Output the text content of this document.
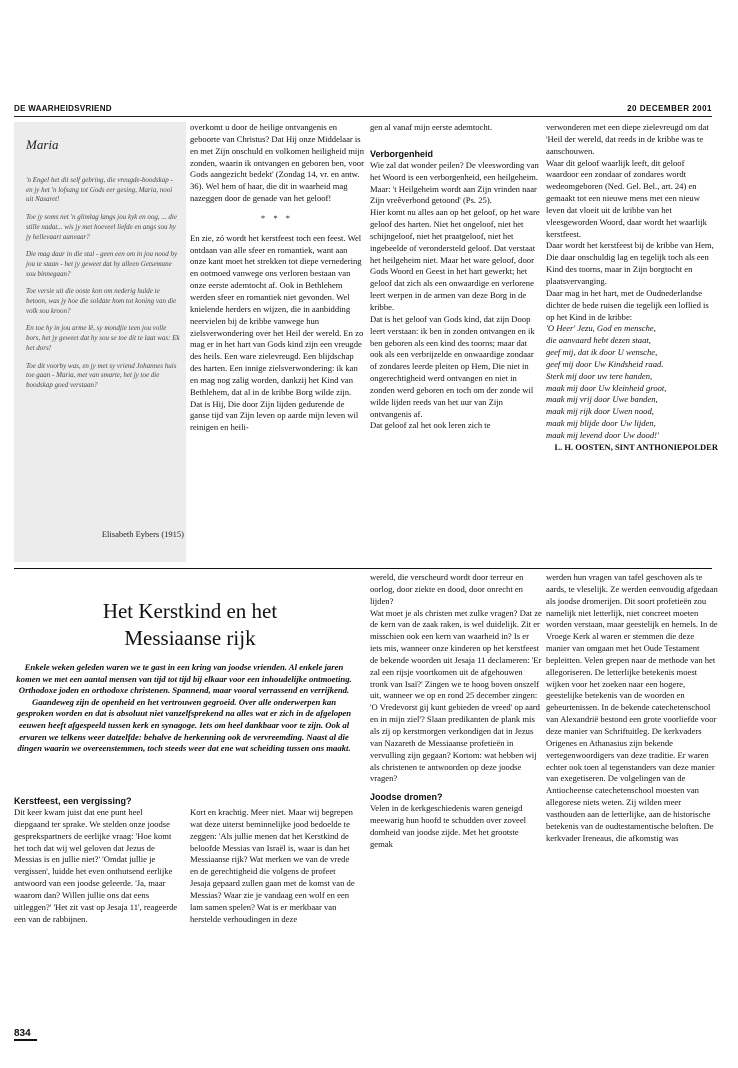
DE WAARHEIDSVRIEND	20 DECEMBER 2001
Maria

'n Engel het dit self gebring, die vreugde-boodskap - en jy het 'n lofsang tot Gods eer gesing, Maria, nooi uit Nasaret!

Toe jy soms net 'n glimlag langs jou kyk en oog, ... die stille nadat... wis jy met hoeveel liefde en angs sou hy jy hellevaart aanvaar?

Die mag daar in die stal - geen een om in jou nood by jou te staan - het jy geweet dat hy alleen Getsemane sou binnegaan?

Toe versie uit die ooste kon om nederig hulde te betoon, was jy hoe die soldate hom tot koning van die volk sou kroon?

En toe hy in jou arme lê, sy mondjie teen jou volle bors, het jy geweet dat hy sou se toe dit te laat was: Ek het dors!

Toe dit voorby was, en jy met sy vriend Johannes huis toe gaan - Maria, met van smarte, het jy toe die boodskap goed verstaan?

Elisabeth Eybers (1915)

overkomt u door de heilige ontvangenis en geboorte van Christus? Dat Hij onze Middelaar is en met Zijn onschuld en volkomen heiligheid mijn zonden, waarin ik ontvangen en geboren ben, voor Gods aangezicht bedekt' (Zondag 14, vr. en antw. 36). Wel hem of haar, die dit in waarheid mag nazeggen door de genade van het geloof!

* * *

En zie, zó wordt het kerstfeest toch een feest. Wel ontdaan van alle sfeer en romantiek, want aan onze kant moet het strekken tot diepe vernedering en ootmoed vanwege ons verloren bestaan van onze eerste ademtocht af. Ook in Bethlehem werden sfeer en romantiek niet gevonden. Wel knielende herders en wijzen, die in aanbidding neervielen bij de kribbe vanwege hun zielsverwondering over het Heil der wereld. En zo mag er in het hart van Gods kind zijn een vreugde des heils. Een ware zielevreugd. Een blijdschap des harten. Een innige zielsverwondering: ik kan en mag nog zalig worden, dankzij het Kind van Bethlehem, dat al in de kribbe Borg wilde zijn. Dat is Hij, Die door Zijn lijden gedurende de ganse tijd van Zijn leven op aarde mijn leven wil reinigen en heili-

gen al vanaf mijn eerste ademtocht.

Verborgenheid

Wie zal dat wonder peilen? De vleeswording van het Woord is een verborgenheid, een heilgeheim.

Maar: 't Heilgeheim wordt aan Zijn vrinden naar Zijn vreêverbond getoond' (Ps. 25).

Hier komt nu alles aan op het geloof, op het ware geloof des harten. Niet het ongeloof, niet het schijngeloof, niet het praatgeloof, niet het ingebeelde of verondersteld geloof. Dat verstaat het heilgeheim niet. Maar het ware geloof, door Gods Woord en Geest in het hart gewerkt; het geloof dat zich als een onwaardige en verlorene leert werpen in de armen van deze Borg in de kribbe.

Dat is het geloof van Gods kind, dat zijn Doop leert verstaan: ik ben in zonden ontvangen en ik ben geboren als een kind des toorns; maar dat ook als een verbrijzelde en onwaardige zondaar of zondares leerde pleiten op Hem, Die niet in ongerechtigheid werd ontvangen en niet in zonden werd geboren en toch om der zonde wil wilde lijden reeds van het uur van Zijn ontvangenis af.

Dat geloof zal het ook leren zich te

verwonderen met een diepe zielevreugd om dat 'Heil der wereld, dat reeds in de kribbe was te aanschouwen.

Waar dit geloof waarlijk leeft, dit geloof waardoor een zondaar of zondares wordt wedeomgeboren (Ned. Gel. Bel., art. 24) en gemaakt tot een nieuwe mens met een nieuw leven dat vloeit uit de kribbe van het vleesgeworden Woord, daar wordt het waarlijk kerstfeest.

Daar wordt het kerstfeest bij de kribbe van Hem, Die daar onschuldig lag en tegelijk toch als een Kind des toorns, maar in Zijn borgtocht en plaatsvervanging.

Daar mag in het hart, met de Oudnederlandse dichter de bede ruisen die tegelijk een loflied is op het Kind in de kribbe:

'O Heer' Jezu, God en mensche,

die aanvaard hebt dezen staat,

geef mij, dat ik door U wensche,

geef mij door Uw Kindsheid raad.

Sterk mij door uw tere handen,

maak mij door Uw kleinheid groot,

maak mij vrij door Uwe banden,

maak mij rijk door Uwen nood,

maak mij blijde door Uw lijden,

maak mij levend door Uw dood!'

L. H. OOSTEN, SINT ANTHONIEPOLDER

Het Kerstkind en het
Messiaanse rijk
Enkele weken geleden waren we te gast in een kring van joodse vrienden. Al enkele jaren komen we met een aantal mensen van tijd tot tijd bij elkaar voor een inhoudelijke ontmoeting. Orthodoxe joden en orthodoxe christenen. Spannend, maar vooral verrassend en verrijkend. Gaandeweg zijn de openheid en het vertrouwen gegroeid. Over alle onderwerpen kan gesproken worden en dat is absoluut niet vanzelfsprekend na alles wat er zich in de afgelopen eeuwen heeft afgespeeld tussen kerk en synagoge. Iets om heel dankbaar voor te zijn. Ook al ervaren we telkens weer datzelfde: behalve de herkenning ook de vervreemding. Naast al die dingen waarin we overeenstemmen, toch steeds weer dat ene wat scheiding tussen ons maakt.
Kerstfeest, een vergissing?

Dit keer kwam juist dat ene punt heel diepgaand ter sprake. We stelden onze joodse gesprekspartners de eerlijke vraag: 'Hoe komt het toch dat wij wel geloven dat Jezus de Messias is en jullie niet?' 'Omdat jullie je vergissen', luidde het even onthutsend eerlijke antwoord van een joodse geleerde. 'Ja, maar waarom dan? Willen jullie ons dat eens uitleggen?' 'Het zit vast op Jesaja 11', reageerde een van de rabbijnen.

Kort en krachtig. Meer niet. Maar wij begrepen wat deze uiterst beminnelijke jood bedoelde te zeggen: 'Als jullie menen dat het Kerstkind de beloofde Messias van Israël is, waar is dan het Messiaanse rijk? Wat merken we van de vrede en de gerechtigheid die volgens de profeet Jesaja gepaard zullen gaan met de komst van de Messias? Waar zie je vandaag een wolf en een lam samen spelen? Wat is er merkbaar van herstelde verhoudingen in deze

wereld, die verscheurd wordt door terreur en oorlog, door ziekte en dood, door onrecht en lijden?
Wat moet je als christen met zulke vragen? Dat ze de kern van de zaak raken, is wel duidelijk. Zit er misschien ook een kern van waarheid in? Is er iets mis, wanneer onze kinderen op het kerstfeest de bekende woorden uit Jesaja 11 declameren: 'Er zal een rijsje voortkomen uit de afgehouwen tronk van Isaï?' Zingen we te hoog boven onszelf uit, wanneer we op en rond 25 december zingen: 'O Vredevorst gij kunt gebieden de vreed' op aard en in mijn ziel'? Slaan predikanten de plank mis als zij op kerstmorgen verkondigen dat in Jezus van Nazareth de Messiaanse profetieën in vervulling zijn gegaan? Kortom: wat hebben wij als christenen te antwoorden op deze joodse vragen?

Joodse dromen?

Velen in de kerkgeschiedenis waren geneigd meewarig hun hoofd te schudden over zoveel domheid van joodse zijde. Met het grootste gemak

werden hun vragen van tafel geschoven als te aards, te vleselijk. Ze werden eenvoudig afgedaan als joodse dromerijen. Dit soort profetieën zou namelijk niet letterlijk, niet concreet moeten worden verstaan, maar geestelijk en hemels. In de Vroege Kerk al waren er stemmen die deze manier van omgaan met het Oude Testament bepleitten. Velen grepen naar de methode van het allegoriseren. De letterlijke betekenis moest wijken voor het zoeken naar een hogere, geestelijke betekenis van de woorden en gebeurtenissen. In de bekende catechetenschool van Alexandrië bestond een grote voorliefde voor deze manier van Schriftuitleg. De kerkvaders Origenes en Athanasius zijn bekende vertegenwoordigers van deze traditie. Er waren echter ook toen al tegenstanders van deze manier van exegetiseren. De volgelingen van de Antiocheense catechetenschool moesten van allegorese niets weten. Zij wilden meer vasthouden aan de letterlijke, aan de historische betekenis van de oudtestamentische beloften. De kerkvader Ireneaus, die afkomstig was

834
